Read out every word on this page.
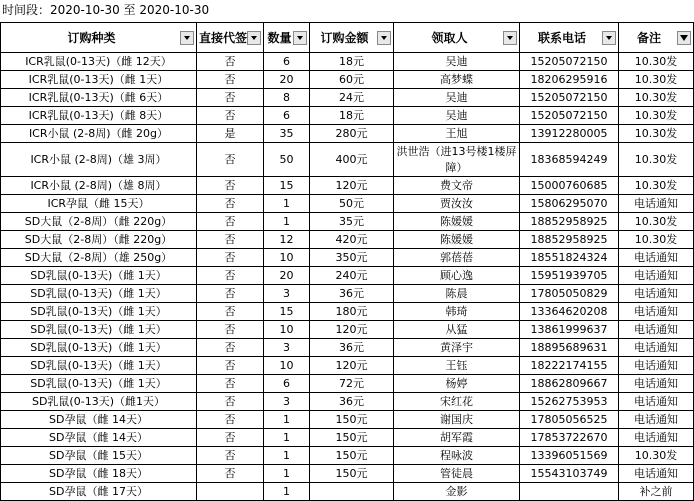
时间段：2020-10-30 至 2020-10-30
订购种类	直接代签	数量	订购金额	领取人	联系电话	备注

ICR乳鼠(0-13天)（雌 12天）	否	6	18元	吴迪	15205072150	10.30发
ICR乳鼠(0-13天)（雌 1天）	否	20	60元	高梦蝶	18206295916	10.30发
ICR乳鼠(0-13天)（雌 6天）	否	8	24元	吴迪	15205072150	10.30发
ICR乳鼠(0-13天)（雌 8天）	否	6	18元	吴迪	15205072150	10.30发
ICR小鼠 (2-8周)（雌 20g）	是	35	280元	王旭	13912280005	10.30发
ICR小鼠 (2-8周)（雄 3周）	否	50	400元	洪世浩（进13号楼1楼屏障）	18368594249	10.30发
ICR小鼠 (2-8周)（雄 8周）	否	15	120元	费文帝	15000760685	10.30发
ICR孕鼠（雌 15天）	否	1	50元	贾汝汝	15806295070	电话通知
SD大鼠（2-8周）（雌 220g）	否	1	35元	陈媛媛	18852958925	10.30发
SD大鼠（2-8周）（雌 220g）	否	12	420元	陈媛媛	18852958925	10.30发
SD大鼠（2-8周）（雄 250g）	否	10	350元	郭蓓蓓	18551824324	电话通知
SD乳鼠(0-13天)（雌 1天）	否	20	240元	顾心逸	15951939705	电话通知
SD乳鼠(0-13天)（雌 1天）	否	3	36元	陈晨	17805050829	电话通知
SD乳鼠(0-13天)（雌 1天）	否	15	180元	韩琦	13364620208	电话通知
SD乳鼠(0-13天)（雌 1天）	否	10	120元	从猛	13861999637	电话通知
SD乳鼠(0-13天)（雌 1天）	否	3	36元	黄泽宇	18895689631	电话通知
SD乳鼠(0-13天)（雌 1天）	否	10	120元	王钰	18222174155	电话通知
SD乳鼠(0-13天)（雌 1天）	否	6	72元	杨婷	18862809667	电话通知
SD乳鼠(0-13天)（雌1天）	否	3	36元	宋红花	15262753953	电话通知
SD孕鼠（雌 14天）	否	1	150元	谢国庆	17805056525	电话通知
SD孕鼠（雌 14天）	否	1	150元	胡军霞	17853722670	电话通知
SD孕鼠（雌 15天）	否	1	150元	程咏波	13396051569	10.30发
SD孕鼠（雌 18天）	否	1	150元	管徒晨	15543103749	电话通知
SD孕鼠（雌 17天）		1		金影		补之前
